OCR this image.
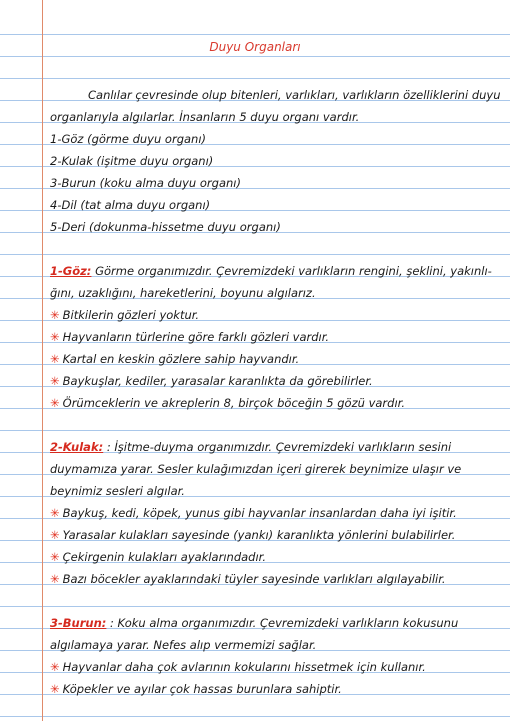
Duyu Organları
Canlılar çevresinde olup bitenleri, varlıkları, varlıkların özelliklerini duyu
organlarıyla algılarlar. İnsanların 5 duyu organı vardır.
1-Göz (görme duyu organı)
2-Kulak (işitme duyu organı)
3-Burun (koku alma duyu organı)
4-Dil (tat alma duyu organı)
5-Deri (dokunma-hissetme duyu organı)
1-Göz: Görme organımızdır. Çevremizdeki varlıkların rengini, şeklini, yakınlı-
ğını, uzaklığını, hareketlerini, boyunu algılarız.
✳ Bitkilerin gözleri yoktur.
✳ Hayvanların türlerine göre farklı gözleri vardır.
✳ Kartal en keskin gözlere sahip hayvandır.
✳ Baykuşlar, kediler, yarasalar karanlıkta da görebilirler.
✳ Örümceklerin ve akreplerin 8, birçok böceğin 5 gözü vardır.
2-Kulak: : İşitme-duyma organımızdır. Çevremizdeki varlıkların sesini
duymamıza yarar. Sesler kulağımızdan içeri girerek beynimize ulaşır ve
beynimiz sesleri algılar.
✳ Baykuş, kedi, köpek, yunus gibi hayvanlar insanlardan daha iyi işitir.
✳ Yarasalar kulakları sayesinde (yankı) karanlıkta yönlerini bulabilirler.
✳ Çekirgenin kulakları ayaklarındadır.
✳ Bazı böcekler ayaklarındaki tüyler sayesinde varlıkları algılayabilir.
3-Burun: : Koku alma organımızdır. Çevremizdeki varlıkların kokusunu
algılamaya yarar. Nefes alıp vermemizi sağlar.
✳ Hayvanlar daha çok avlarının kokularını hissetmek için kullanır.
✳ Köpekler ve ayılar çok hassas burunlara sahiptir.
